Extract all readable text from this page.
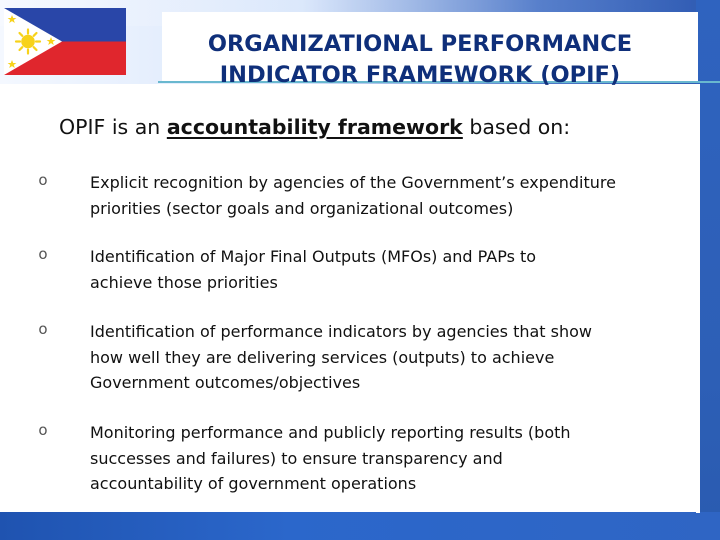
ORGANIZATIONAL PERFORMANCE
INDICATOR FRAMEWORK (OPIF)
OPIF is an accountability framework based on:
o	Explicit recognition by agencies of the Government’s expenditure
priorities (sector goals and organizational outcomes)
o	Identification of Major Final Outputs (MFOs) and PAPs to
achieve those priorities
o	Identification of performance indicators by agencies that show
how well they are delivering services (outputs) to achieve
Government outcomes/objectives
o	Monitoring performance and publicly reporting results (both
successes and failures) to ensure transparency and
accountability of government operations
